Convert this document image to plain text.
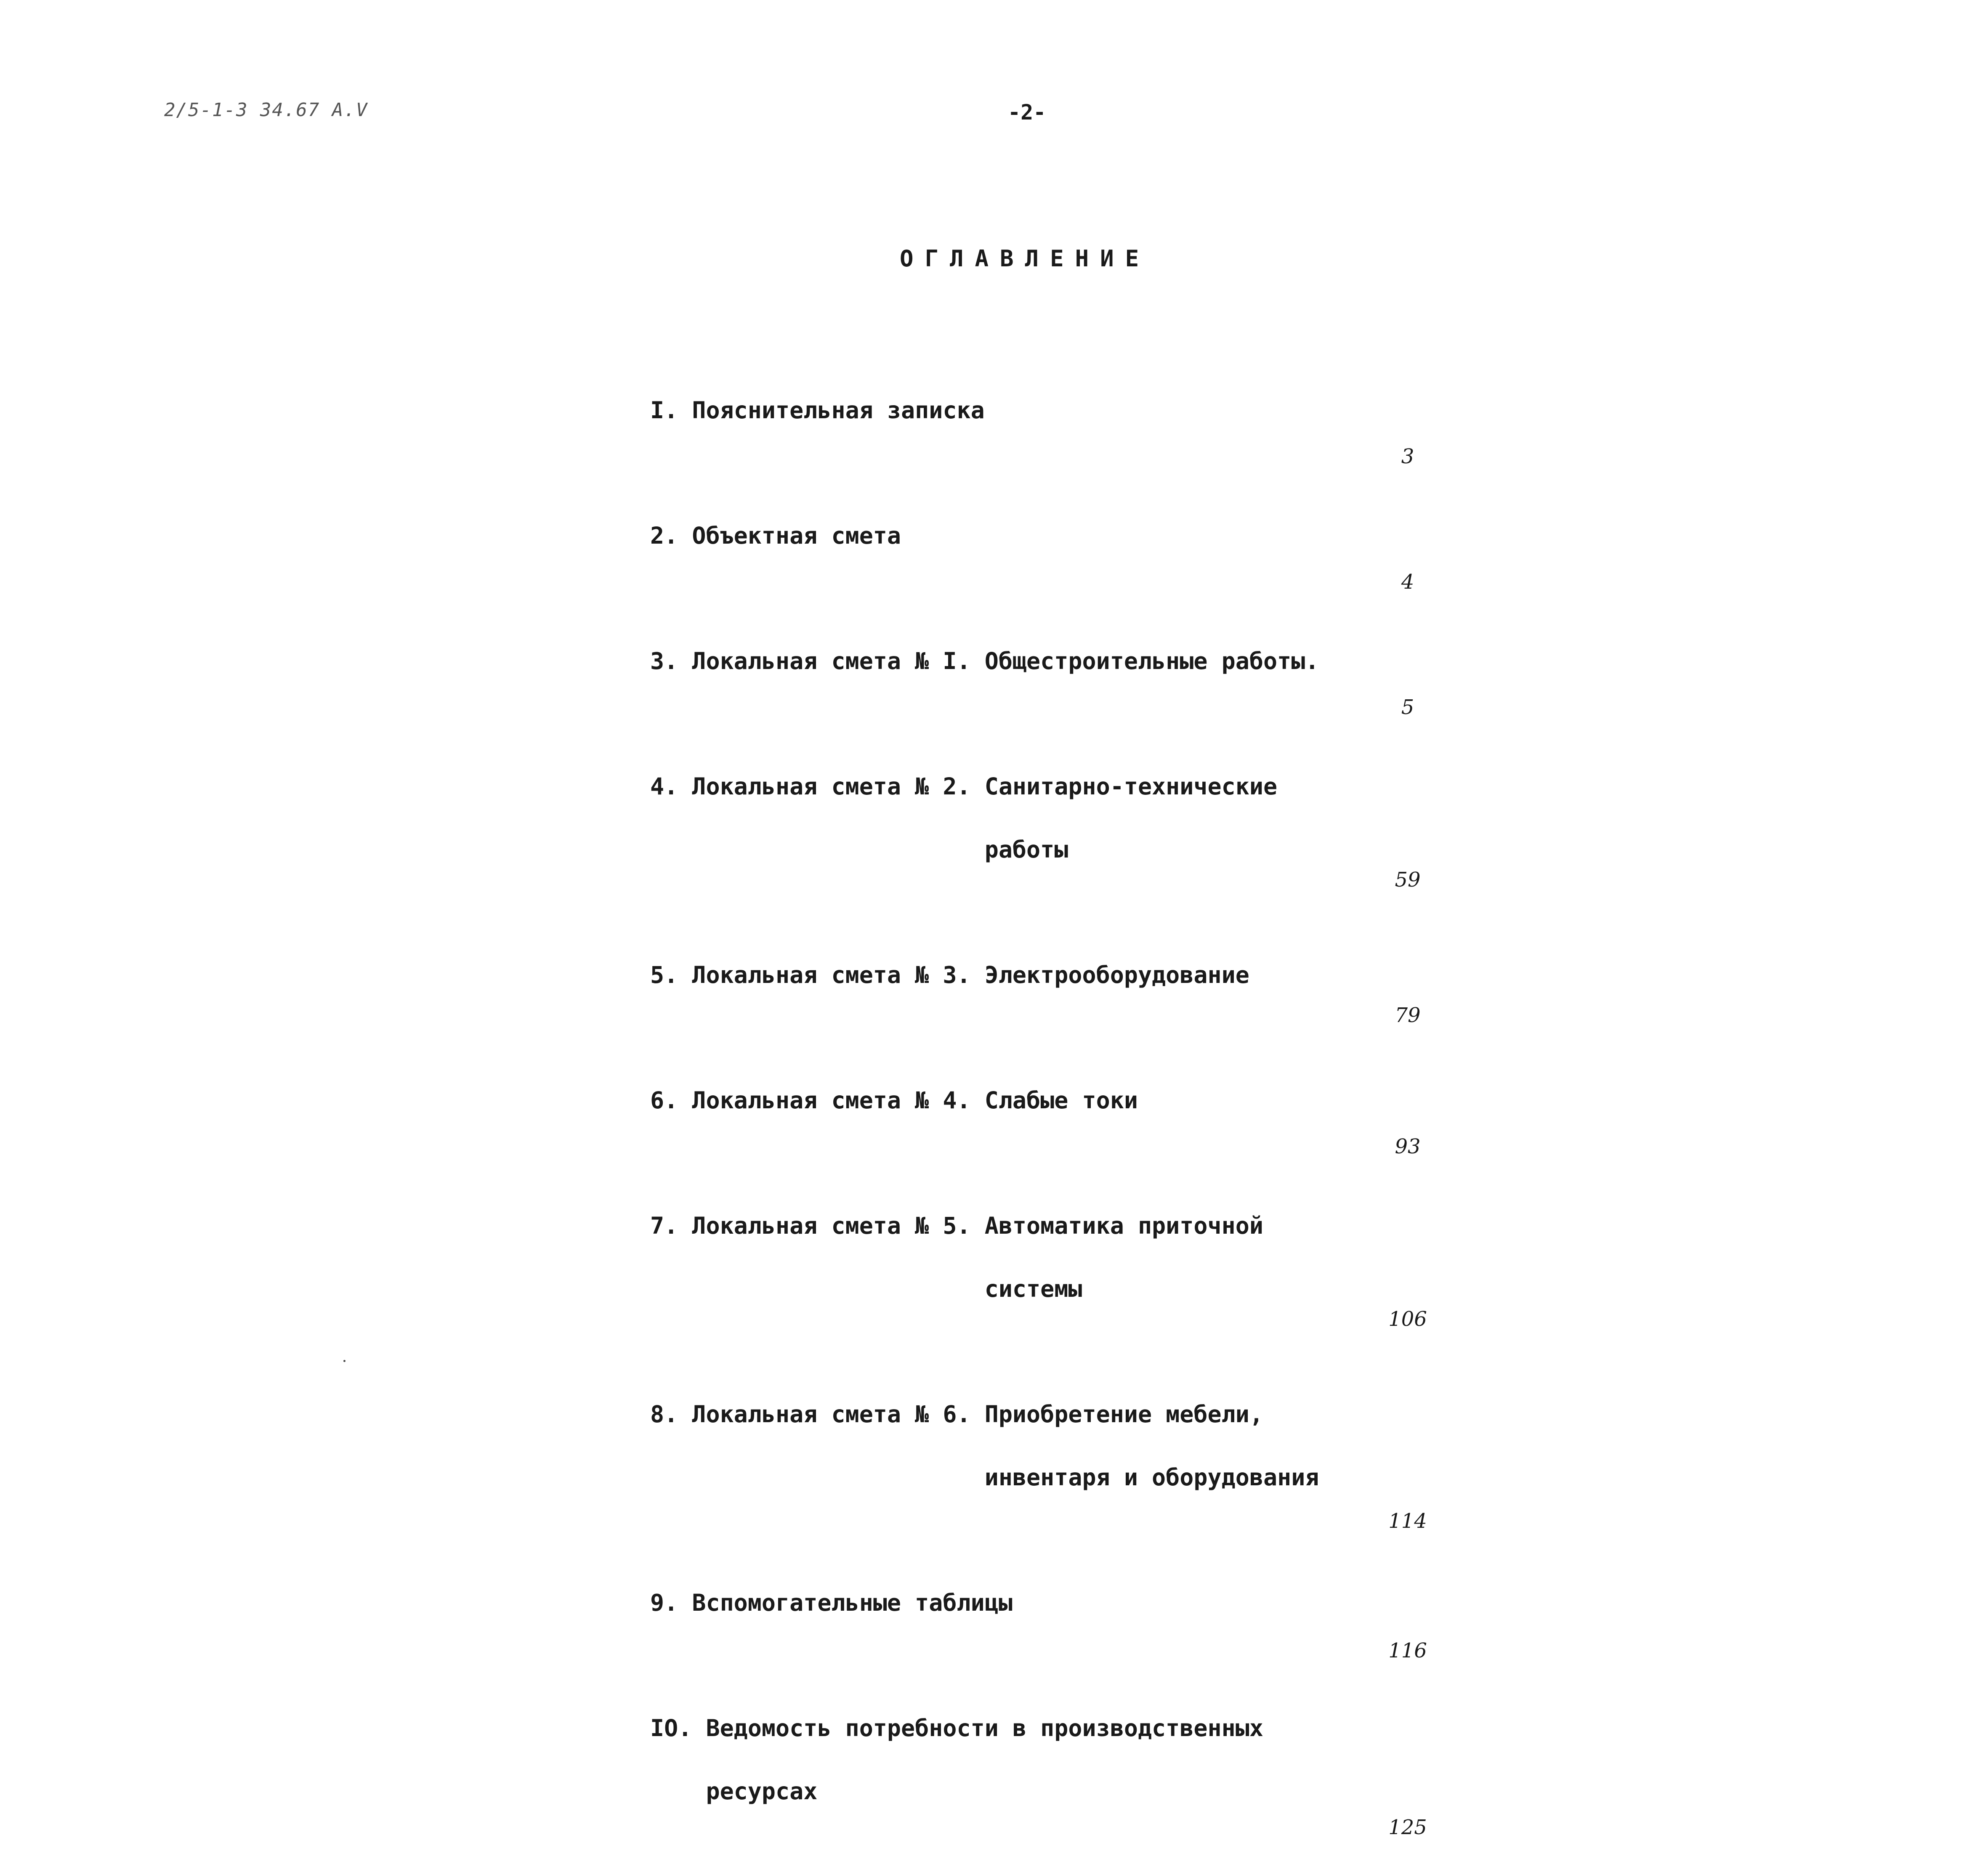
2/5-1-3 34.67 A.V	-2-
ОГЛАВЛЕНИЕ

I. Пояснительная записка

3

2. Объектная смета

4

3. Локальная смета № I. Общестроительные работы.

5

4. Локальная смета № 2. Санитарно-технические

работы

59

5. Локальная смета № 3. Электрооборудование

79

6. Локальная смета № 4. Слабые токи

93

7. Локальная смета № 5. Автоматика приточной

системы

106

8. Локальная смета № 6. Приобретение мебели,

инвентаря и оборудования

114

9. Вспомогательные таблицы

116

IO. Ведомость потребности в производственных

ресурсах

125
